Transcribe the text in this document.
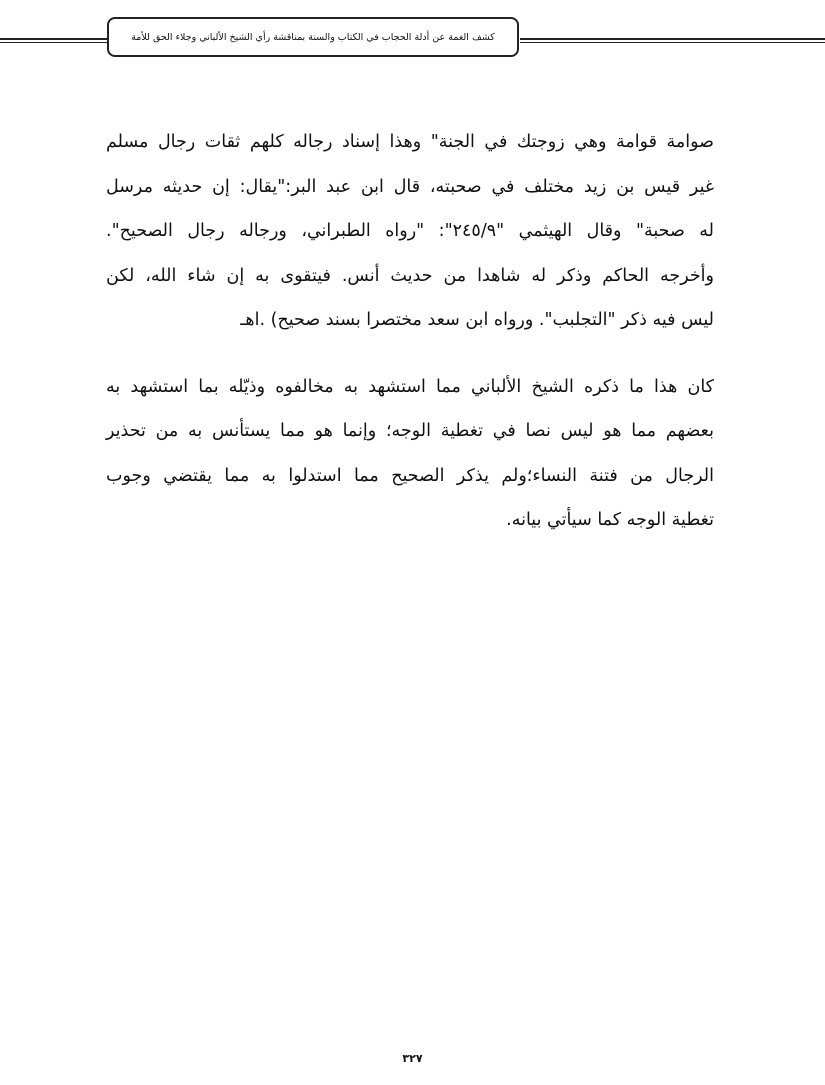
كشف الغمة عن أدلة الحجاب في الكتاب والسنة بمناقشة رأي الشيخ الألباني وجلاء الحق للأمة

صوامة قوامة وهي زوجتك في الجنة" وهذا إسناد رجاله كلهم ثقات رجال مسلم
غير قيس بن زيد مختلف في صحبته، قال ابن عبد البر:"يقال: إن حديثه مرسل
له صحبة" وقال الهيثمي "٢٤٥/٩": "رواه الطبراني، ورجاله رجال الصحيح".
وأخرجه الحاكم وذكر له شاهدا من حديث أنس. فيتقوى به إن شاء الله، لكن
ليس فيه ذكر "التجلبب". ورواه ابن سعد مختصرا بسند صحيح) .اهـ

كان هذا ما ذكره الشيخ الألباني مما استشهد به مخالفوه وذيّله بما استشهد به
بعضهم مما هو ليس نصا في تغطية الوجه؛ وإنما هو مما يستأنس به من تحذير
الرجال من فتنة النساء؛ولم يذكر الصحيح مما استدلوا به مما يقتضي وجوب
تغطية الوجه كما سيأتي بيانه.

٣٢٧
